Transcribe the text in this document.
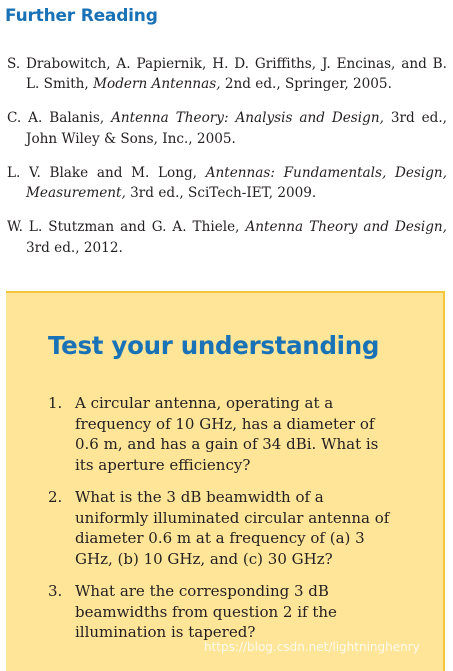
Further Reading

S. Drabowitch, A. Papiernik, H. D. Griffiths, J. Encinas, and B. L. Smith, Modern Antennas, 2nd ed., Springer, 2005.

C. A. Balanis, Antenna Theory: Analysis and Design, 3rd ed., John Wiley & Sons, Inc., 2005.

L. V. Blake and M. Long, Antennas: Fundamentals, Design, Measurement, 3rd ed., SciTech-IET, 2009.

W. L. Stutzman and G. A. Thiele, Antenna Theory and Design, 3rd ed., 2012.

Test your understanding
1. A circular antenna, operating at a frequency of 10 GHz, has a diameter of 0.6 m, and has a gain of 34 dBi. What is its aperture efficiency?
2. What is the 3 dB beamwidth of a uniformly illuminated circular antenna of diameter 0.6 m at a frequency of (a) 3 GHz, (b) 10 GHz, and (c) 30 GHz?
3. What are the corresponding 3 dB beamwidths from question 2 if the illumination is tapered?
https://blog.csdn.net/lightninghenry
